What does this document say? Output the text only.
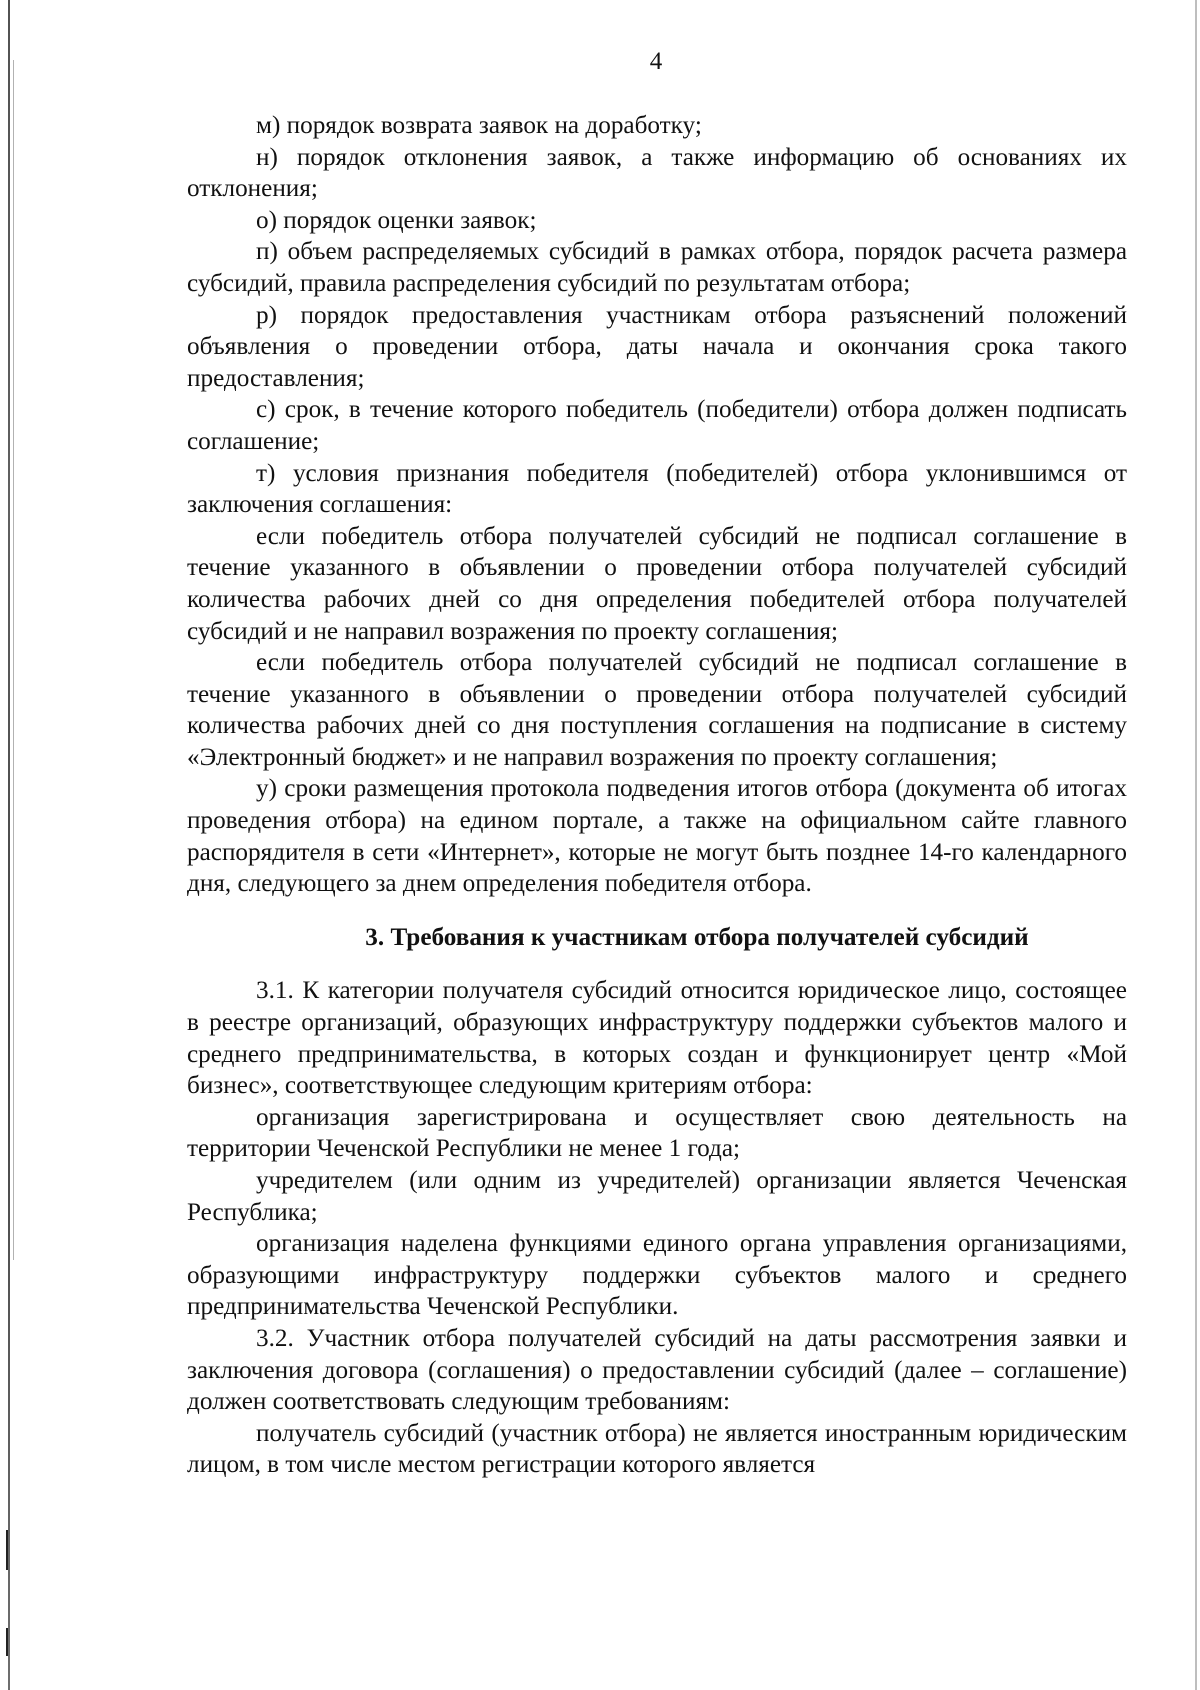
4

м) порядок возврата заявок на доработку;

н) порядок отклонения заявок, а также информацию об основаниях их отклонения;

о) порядок оценки заявок;

п) объем распределяемых субсидий в рамках отбора, порядок расчета размера субсидий, правила распределения субсидий по результатам отбора;

р) порядок предоставления участникам отбора разъяснений положений объявления о проведении отбора, даты начала и окончания срока такого предоставления;

с) срок, в течение которого победитель (победители) отбора должен подписать соглашение;

т) условия признания победителя (победителей) отбора уклонившимся от заключения соглашения:

если победитель отбора получателей субсидий не подписал соглашение в течение указанного в объявлении о проведении отбора получателей субсидий количества рабочих дней со дня определения победителей отбора получателей субсидий и не направил возражения по проекту соглашения;

если победитель отбора получателей субсидий не подписал соглашение в течение указанного в объявлении о проведении отбора получателей субсидий количества рабочих дней со дня поступления соглашения на подписание в систему «Электронный бюджет» и не направил возражения по проекту соглашения;

у) сроки размещения протокола подведения итогов отбора (документа об итогах проведения отбора) на едином портале, а также на официальном сайте главного распорядителя в сети «Интернет», которые не могут быть позднее 14-го календарного дня, следующего за днем определения победителя отбора.

3. Требования к участникам отбора получателей субсидий

3.1. К категории получателя субсидий относится юридическое лицо, состоящее в реестре организаций, образующих инфраструктуру поддержки субъектов малого и среднего предпринимательства, в которых создан и функционирует центр «Мой бизнес», соответствующее следующим критериям отбора:

организация зарегистрирована и осуществляет свою деятельность на территории Чеченской Республики не менее 1 года;

учредителем (или одним из учредителей) организации является Чеченская Республика;

организация наделена функциями единого органа управления организациями, образующими инфраструктуру поддержки субъектов малого и среднего предпринимательства Чеченской Республики.

3.2. Участник отбора получателей субсидий на даты рассмотрения заявки и заключения договора (соглашения) о предоставлении субсидий (далее – соглашение) должен соответствовать следующим требованиям:

получатель субсидий (участник отбора) не является иностранным юридическим лицом, в том числе местом регистрации которого является
